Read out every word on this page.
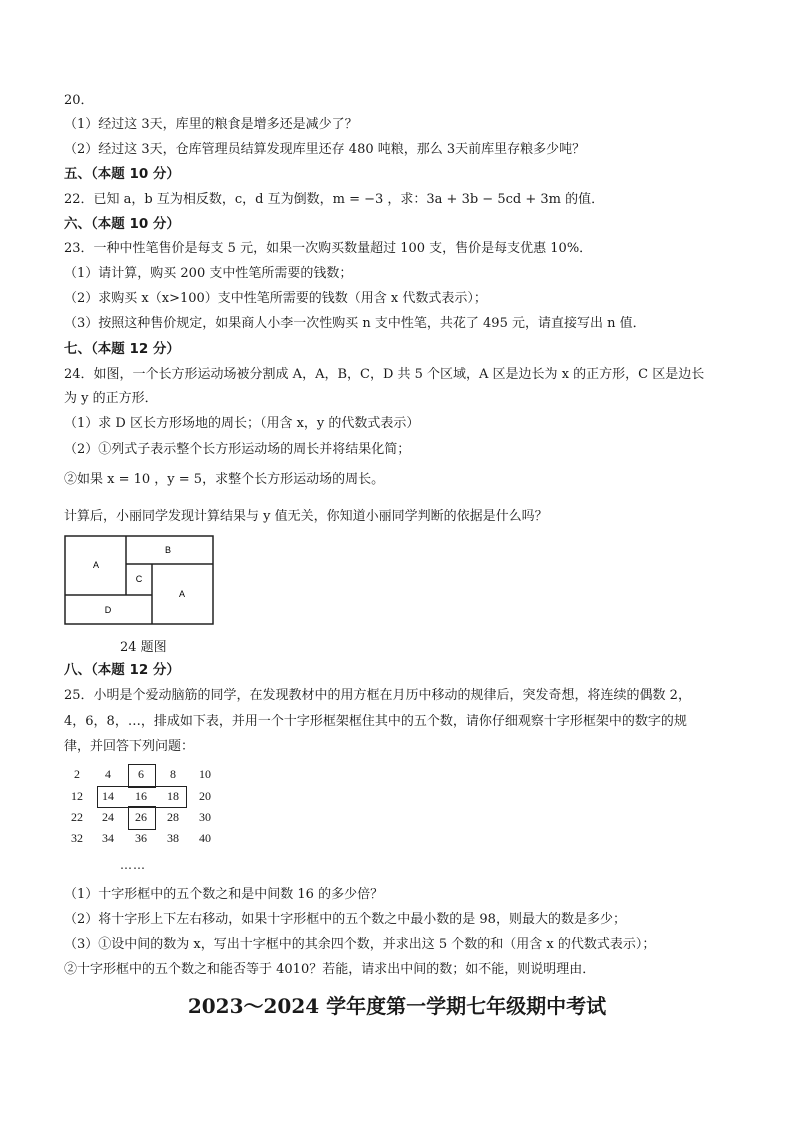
20．
（1）经过这 3天，库里的粮食是增多还是减少了？
（2）经过这 3天，仓库管理员结算发现库里还存 480 吨粮，那么 3天前库里存粮多少吨？
五、（本题 10 分）
22．已知 a，b 互为相反数，c，d 互为倒数，m = −3 ，求：3a + 3b − 5cd + 3m 的值．
六、（本题 10 分）
23．一种中性笔售价是每支 5 元，如果一次购买数量超过 100 支，售价是每支优惠 10%．
（1）请计算，购买 200 支中性笔所需要的钱数；
（2）求购买 x（x>100）支中性笔所需要的钱数（用含 x 代数式表示）；
（3）按照这种售价规定，如果商人小李一次性购买 n 支中性笔，共花了 495 元，请直接写出 n 值．
七、（本题 12 分）
24．如图，一个长方形运动场被分割成 A，A，B，C，D 共 5 个区域，A 区是边长为 x 的正方形，C 区是边长
为 y 的正方形．
（1）求 D 区长方形场地的周长；（用含 x，y 的代数式表示）
（2）①列式子表示整个长方形运动场的周长并将结果化简；
②如果 x = 10 ，y = 5，求整个长方形运动场的周长。
计算后，小丽同学发现计算结果与 y 值无关，你知道小丽同学判断的依据是什么吗？
A
B
C
A
D
24 题图
八、（本题 12 分）
25．小明是个爱动脑筋的同学，在发现教材中的用方框在月历中移动的规律后，突发奇想，将连续的偶数 2，
4，6，8，…，排成如下表，并用一个十字形框架框住其中的五个数，请你仔细观察十字形框架中的数字的规
律，并回答下列问题：
2	4	6	8	10
12	14	16	18	20
22	24	26	28	30
32	34	36	38	40
……
（1）十字形框中的五个数之和是中间数 16 的多少倍？
（2）将十字形上下左右移动，如果十字形框中的五个数之中最小数的是 98，则最大的数是多少；
（3）①设中间的数为 x，写出十字框中的其余四个数，并求出这 5 个数的和（用含 x 的代数式表示）；
②十字形框中的五个数之和能否等于 4010？若能，请求出中间的数；如不能，则说明理由．
2023～2024 学年度第一学期七年级期中考试
